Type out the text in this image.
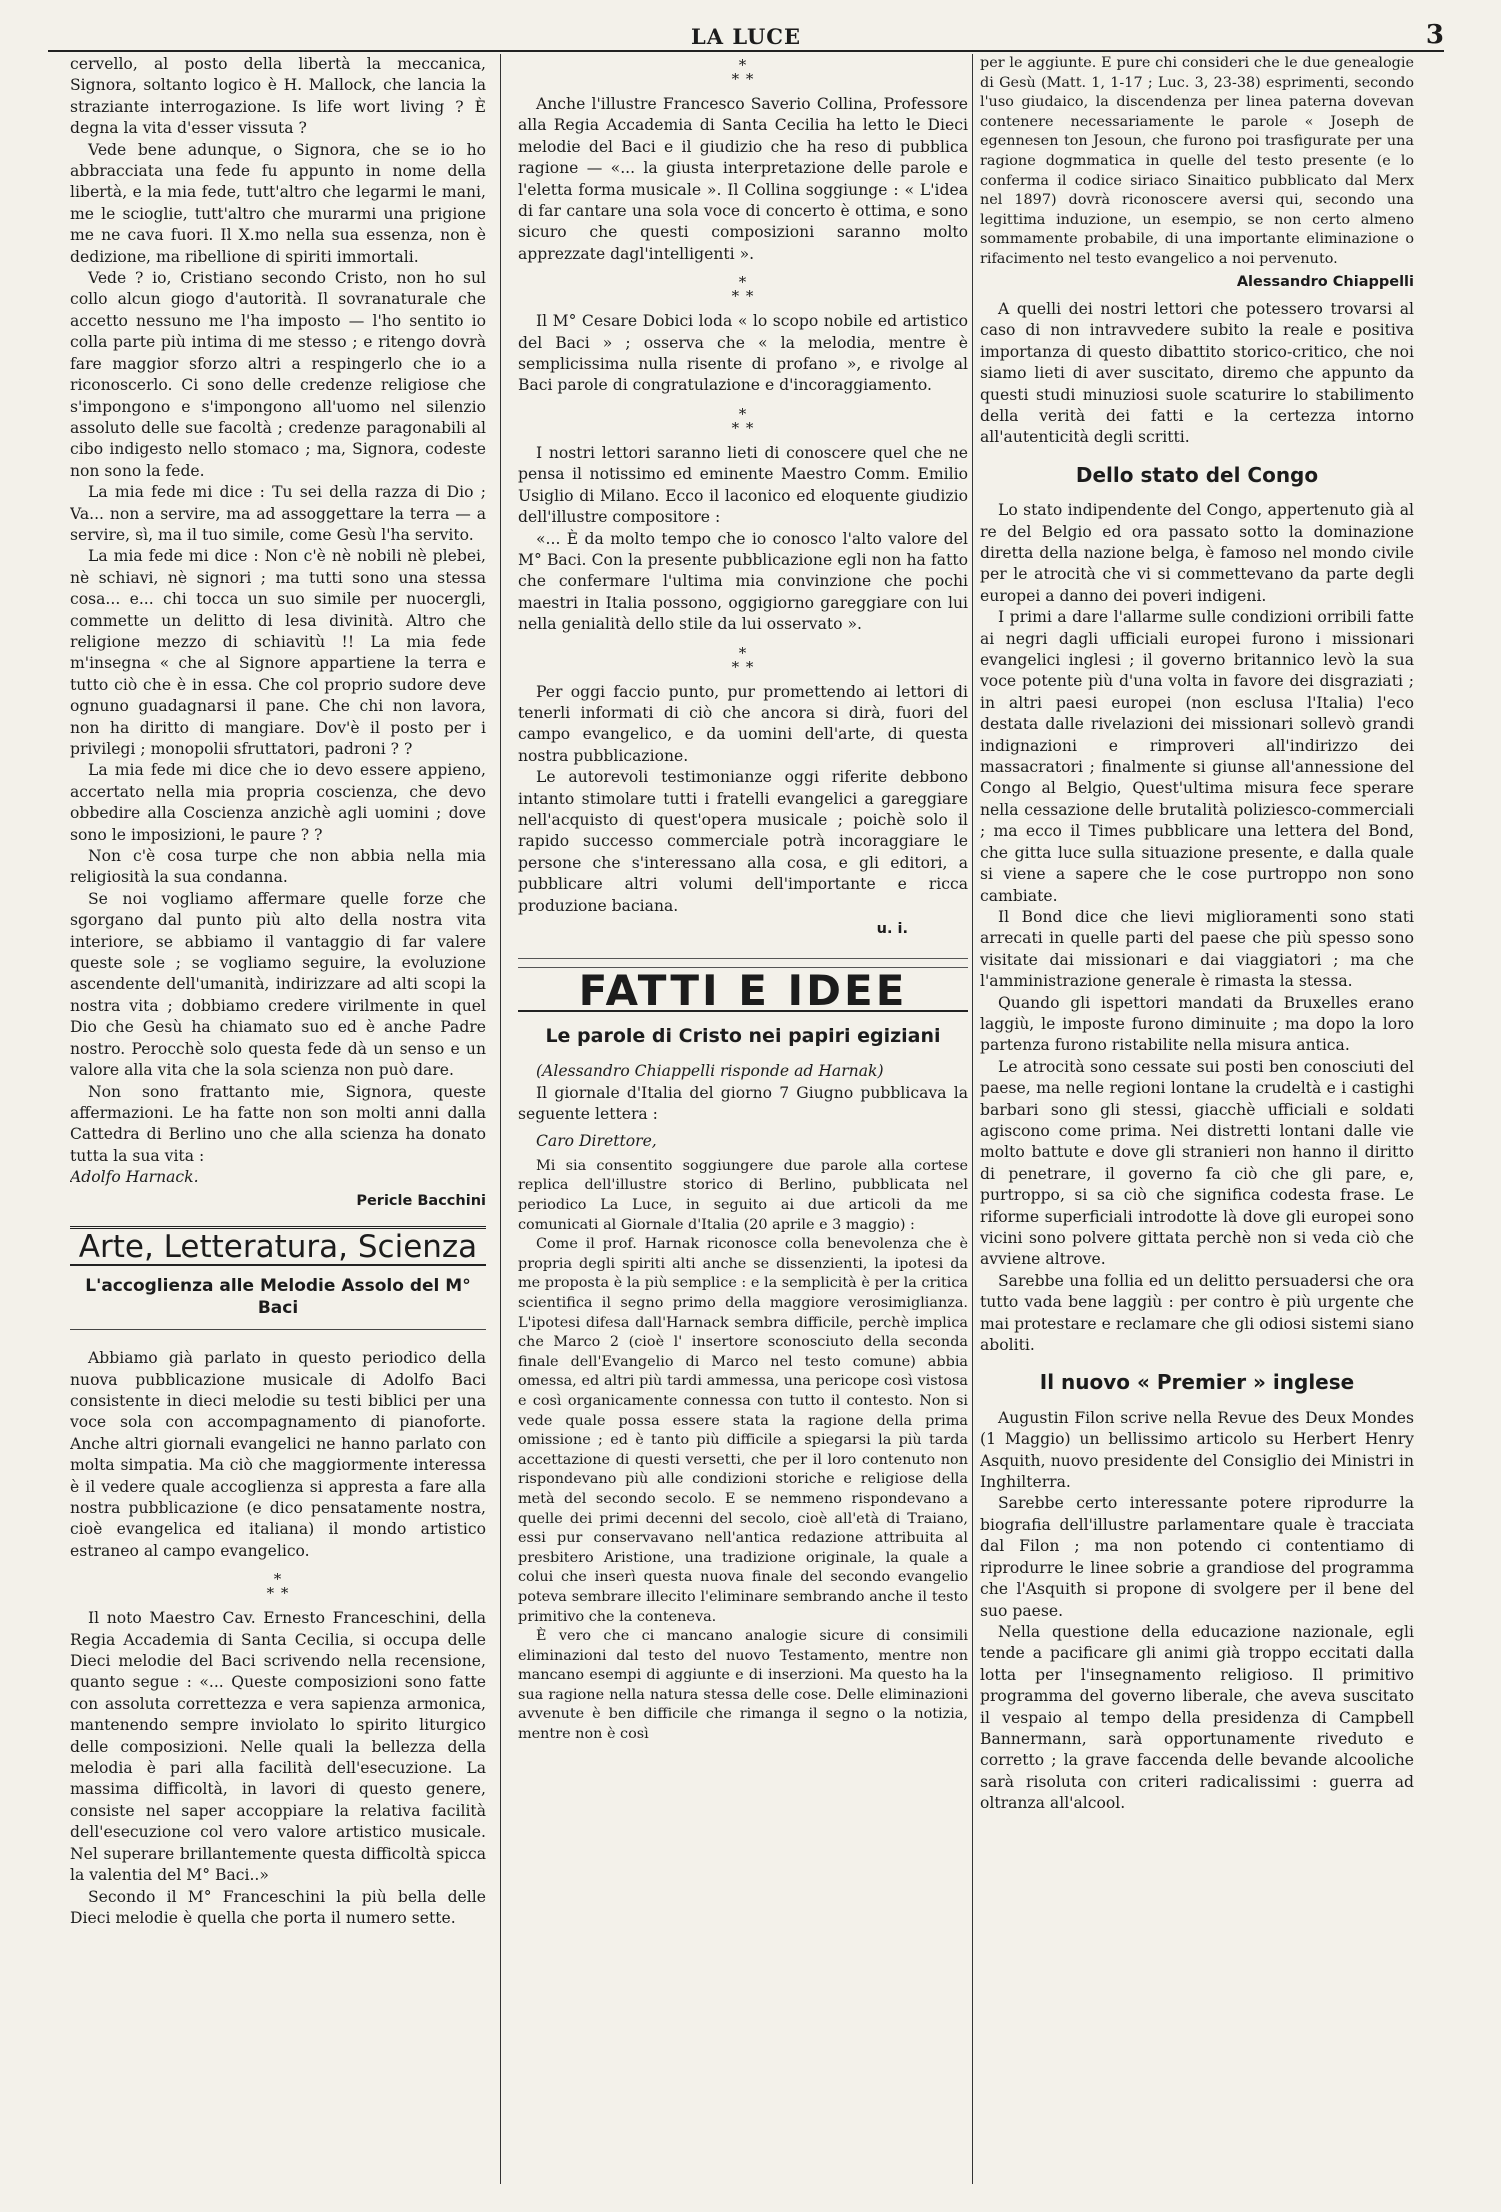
LA LUCE	3

cervello, al posto della libertà la meccanica, Signora, soltanto logico è H. Mallock, che lancia la straziante interrogazione. Is life wort living ? È degna la vita d'esser vissuta ?

Vede bene adunque, o Signora, che se io ho abbracciata una fede fu appunto in nome della libertà, e la mia fede, tutt'altro che legarmi le mani, me le scioglie, tutt'altro che murarmi una prigione me ne cava fuori. Il X.mo nella sua essenza, non è dedizione, ma ribellione di spiriti immortali.

Vede ? io, Cristiano secondo Cristo, non ho sul collo alcun giogo d'autorità. Il sovranaturale che accetto nessuno me l'ha imposto — l'ho sentito io colla parte più intima di me stesso ; e ritengo dovrà fare maggior sforzo altri a respingerlo che io a riconoscerlo. Ci sono delle credenze religiose che s'impongono e s'impongono all'uomo nel silenzio assoluto delle sue facoltà ; credenze paragonabili al cibo indigesto nello stomaco ; ma, Signora, codeste non sono la fede.

La mia fede mi dice : Tu sei della razza di Dio ; Va... non a servire, ma ad assoggettare la terra — a servire, sì, ma il tuo simile, come Gesù l'ha servito.

La mia fede mi dice : Non c'è nè nobili nè plebei, nè schiavi, nè signori ; ma tutti sono una stessa cosa... e... chi tocca un suo simile per nuocergli, commette un delitto di lesa divinità. Altro che religione mezzo di schiavitù !! La mia fede m'insegna « che al Signore appartiene la terra e tutto ciò che è in essa. Che col proprio sudore deve ognuno guadagnarsi il pane. Che chi non lavora, non ha diritto di mangiare. Dov'è il posto per i privilegi ; monopolii sfruttatori, padroni ? ?

La mia fede mi dice che io devo essere appieno, accertato nella mia propria coscienza, che devo obbedire alla Coscienza anzichè agli uomini ; dove sono le imposizioni, le paure ? ?

Non c'è cosa turpe che non abbia nella mia religiosità la sua condanna.

Se noi vogliamo affermare quelle forze che sgorgano dal punto più alto della nostra vita interiore, se abbiamo il vantaggio di far valere queste sole ; se vogliamo seguire, la evoluzione ascendente dell'umanità, indirizzare ad alti scopi la nostra vita ; dobbiamo credere virilmente in quel Dio che Gesù ha chiamato suo ed è anche Padre nostro. Perocchè solo questa fede dà un senso e un valore alla vita che la sola scienza non può dare.

Non sono frattanto mie, Signora, queste affermazioni. Le ha fatte non son molti anni dalla Cattedra di Berlino uno che alla scienza ha donato tutta la sua vita :

Adolfo Harnack.

Pericle Bacchini
Arte, Letteratura, Scienza
L'accoglienza alle Melodie Assolo del M° Baci

Abbiamo già parlato in questo periodico della nuova pubblicazione musicale di Adolfo Baci consistente in dieci melodie su testi biblici per una voce sola con accompagnamento di pianoforte. Anche altri giornali evangelici ne hanno parlato con molta simpatia. Ma ciò che maggiormente interessa è il vedere quale accoglienza si appresta a fare alla nostra pubblicazione (e dico pensatamente nostra, cioè evangelica ed italiana) il mondo artistico estraneo al campo evangelico.

*
* *

Il noto Maestro Cav. Ernesto Franceschini, della Regia Accademia di Santa Cecilia, si occupa delle Dieci melodie del Baci scrivendo nella recensione, quanto segue : «... Queste composizioni sono fatte con assoluta correttezza e vera sapienza armonica, mantenendo sempre inviolato lo spirito liturgico delle composizioni. Nelle quali la bellezza della melodia è pari alla facilità dell'esecuzione. La massima difficoltà, in lavori di questo genere, consiste nel saper accoppiare la relativa facilità dell'esecuzione col vero valore artistico musicale. Nel superare brillantemente questa difficoltà spicca la valentia del M° Baci..»

Secondo il M° Franceschini la più bella delle Dieci melodie è quella che porta il numero sette.

*
* *

Anche l'illustre Francesco Saverio Collina, Professore alla Regia Accademia di Santa Cecilia ha letto le Dieci melodie del Baci e il giudizio che ha reso di pubblica ragione — «... la giusta interpretazione delle parole e l'eletta forma musicale ». Il Collina soggiunge : « L'idea di far cantare una sola voce di concerto è ottima, e sono sicuro che questi composizioni saranno molto apprezzate dagl'intelligenti ».

*
* *

Il M° Cesare Dobici loda « lo scopo nobile ed artistico del Baci » ; osserva che « la melodia, mentre è semplicissima nulla risente di profano », e rivolge al Baci parole di congratulazione e d'incoraggiamento.

*
* *

I nostri lettori saranno lieti di conoscere quel che ne pensa il notissimo ed eminente Maestro Comm. Emilio Usiglio di Milano. Ecco il laconico ed eloquente giudizio dell'illustre compositore :

«... È da molto tempo che io conosco l'alto valore del M° Baci. Con la presente pubblicazione egli non ha fatto che confermare l'ultima mia convinzione che pochi maestri in Italia possono, oggigiorno gareggiare con lui nella genialità dello stile da lui osservato ».

*
* *

Per oggi faccio punto, pur promettendo ai lettori di tenerli informati di ciò che ancora si dirà, fuori del campo evangelico, e da uomini dell'arte, di questa nostra pubblicazione.

Le autorevoli testimonianze oggi riferite debbono intanto stimolare tutti i fratelli evangelici a gareggiare nell'acquisto di quest'opera musicale ; poichè solo il rapido successo commerciale potrà incoraggiare le persone che s'interessano alla cosa, e gli editori, a pubblicare altri volumi dell'importante e ricca produzione baciana.

u. i.
FATTI E IDEE
Le parole di Cristo nei papiri egiziani

(Alessandro Chiappelli risponde ad Harnak)

Il giornale d'Italia del giorno 7 Giugno pubblicava la seguente lettera :

Caro Direttore,

Mi sia consentito soggiungere due parole alla cortese replica dell'illustre storico di Berlino, pubblicata nel periodico La Luce, in seguito ai due articoli da me comunicati al Giornale d'Italia (20 aprile e 3 maggio) :

Come il prof. Harnak riconosce colla benevolenza che è propria degli spiriti alti anche se dissenzienti, la ipotesi da me proposta è la più semplice : e la semplicità è per la critica scientifica il segno primo della maggiore verosimiglianza. L'ipotesi difesa dall'Harnack sembra difficile, perchè implica che Marco 2 (cioè l' insertore sconosciuto della seconda finale dell'Evangelio di Marco nel testo comune) abbia omessa, ed altri più tardi ammessa, una pericope così vistosa e così organicamente connessa con tutto il contesto. Non si vede quale possa essere stata la ragione della prima omissione ; ed è tanto più difficile a spiegarsi la più tarda accettazione di questi versetti, che per il loro contenuto non rispondevano più alle condizioni storiche e religiose della metà del secondo secolo. E se nemmeno rispondevano a quelle dei primi decenni del secolo, cioè all'età di Traiano, essi pur conservavano nell'antica redazione attribuita al presbitero Aristione, una tradizione originale, la quale a colui che inserì questa nuova finale del secondo evangelio poteva sembrare illecito l'eliminare sembrando anche il testo primitivo che la conteneva.

È vero che ci mancano analogie sicure di consimili eliminazioni dal testo del nuovo Testamento, mentre non mancano esempi di aggiunte e di inserzioni. Ma questo ha la sua ragione nella natura stessa delle cose. Delle eliminazioni avvenute è ben difficile che rimanga il segno o la notizia, mentre non è così

per le aggiunte. E pure chi consideri che le due genealogie di Gesù (Matt. 1, 1-17 ; Luc. 3, 23-38) esprimenti, secondo l'uso giudaico, la discendenza per linea paterna dovevan contenere necessariamente le parole « Joseph de egennesen ton Jesoun, che furono poi trasfigurate per una ragione dogmmatica in quelle del testo presente (e lo conferma il codice siriaco Sinaitico pubblicato dal Merx nel 1897) dovrà riconoscere aversi qui, secondo una legittima induzione, un esempio, se non certo almeno sommamente probabile, di una importante eliminazione o rifacimento nel testo evangelico a noi pervenuto.

Alessandro Chiappelli

A quelli dei nostri lettori che potessero trovarsi al caso di non intravvedere subito la reale e positiva importanza di questo dibattito storico-critico, che noi siamo lieti di aver suscitato, diremo che appunto da questi studi minuziosi suole scaturire lo stabilimento della verità dei fatti e la certezza intorno all'autenticità degli scritti.

Dello stato del Congo

Lo stato indipendente del Congo, appertenuto già al re del Belgio ed ora passato sotto la dominazione diretta della nazione belga, è famoso nel mondo civile per le atrocità che vi si commettevano da parte degli europei a danno dei poveri indigeni.

I primi a dare l'allarme sulle condizioni orribili fatte ai negri dagli ufficiali europei furono i missionari evangelici inglesi ; il governo britannico levò la sua voce potente più d'una volta in favore dei disgraziati ; in altri paesi europei (non esclusa l'Italia) l'eco destata dalle rivelazioni dei missionari sollevò grandi indignazioni e rimproveri all'indirizzo dei massacratori ; finalmente si giunse all'annessione del Congo al Belgio, Quest'ultima misura fece sperare nella cessazione delle brutalità poliziesco-commerciali ; ma ecco il Times pubblicare una lettera del Bond, che gitta luce sulla situazione presente, e dalla quale si viene a sapere che le cose purtroppo non sono cambiate.

Il Bond dice che lievi miglioramenti sono stati arrecati in quelle parti del paese che più spesso sono visitate dai missionari e dai viaggiatori ; ma che l'amministrazione generale è rimasta la stessa.

Quando gli ispettori mandati da Bruxelles erano laggiù, le imposte furono diminuite ; ma dopo la loro partenza furono ristabilite nella misura antica.

Le atrocità sono cessate sui posti ben conosciuti del paese, ma nelle regioni lontane la crudeltà e i castighi barbari sono gli stessi, giacchè ufficiali e soldati agiscono come prima. Nei distretti lontani dalle vie molto battute e dove gli stranieri non hanno il diritto di penetrare, il governo fa ciò che gli pare, e, purtroppo, si sa ciò che significa codesta frase. Le riforme superficiali introdotte là dove gli europei sono vicini sono polvere gittata perchè non si veda ciò che avviene altrove.

Sarebbe una follia ed un delitto persuadersi che ora tutto vada bene laggiù : per contro è più urgente che mai protestare e reclamare che gli odiosi sistemi siano aboliti.

Il nuovo « Premier » inglese

Augustin Filon scrive nella Revue des Deux Mondes (1 Maggio) un bellissimo articolo su Herbert Henry Asquith, nuovo presidente del Consiglio dei Ministri in Inghilterra.

Sarebbe certo interessante potere riprodurre la biografia dell'illustre parlamentare quale è tracciata dal Filon ; ma non potendo ci contentiamo di riprodurre le linee sobrie a grandiose del programma che l'Asquith si propone di svolgere per il bene del suo paese.

Nella questione della educazione nazionale, egli tende a pacificare gli animi già troppo eccitati dalla lotta per l'insegnamento religioso. Il primitivo programma del governo liberale, che aveva suscitato il vespaio al tempo della presidenza di Campbell Bannermann, sarà opportunamente riveduto e corretto ; la grave faccenda delle bevande alcooliche sarà risoluta con criteri radicalissimi : guerra ad oltranza all'alcool.
